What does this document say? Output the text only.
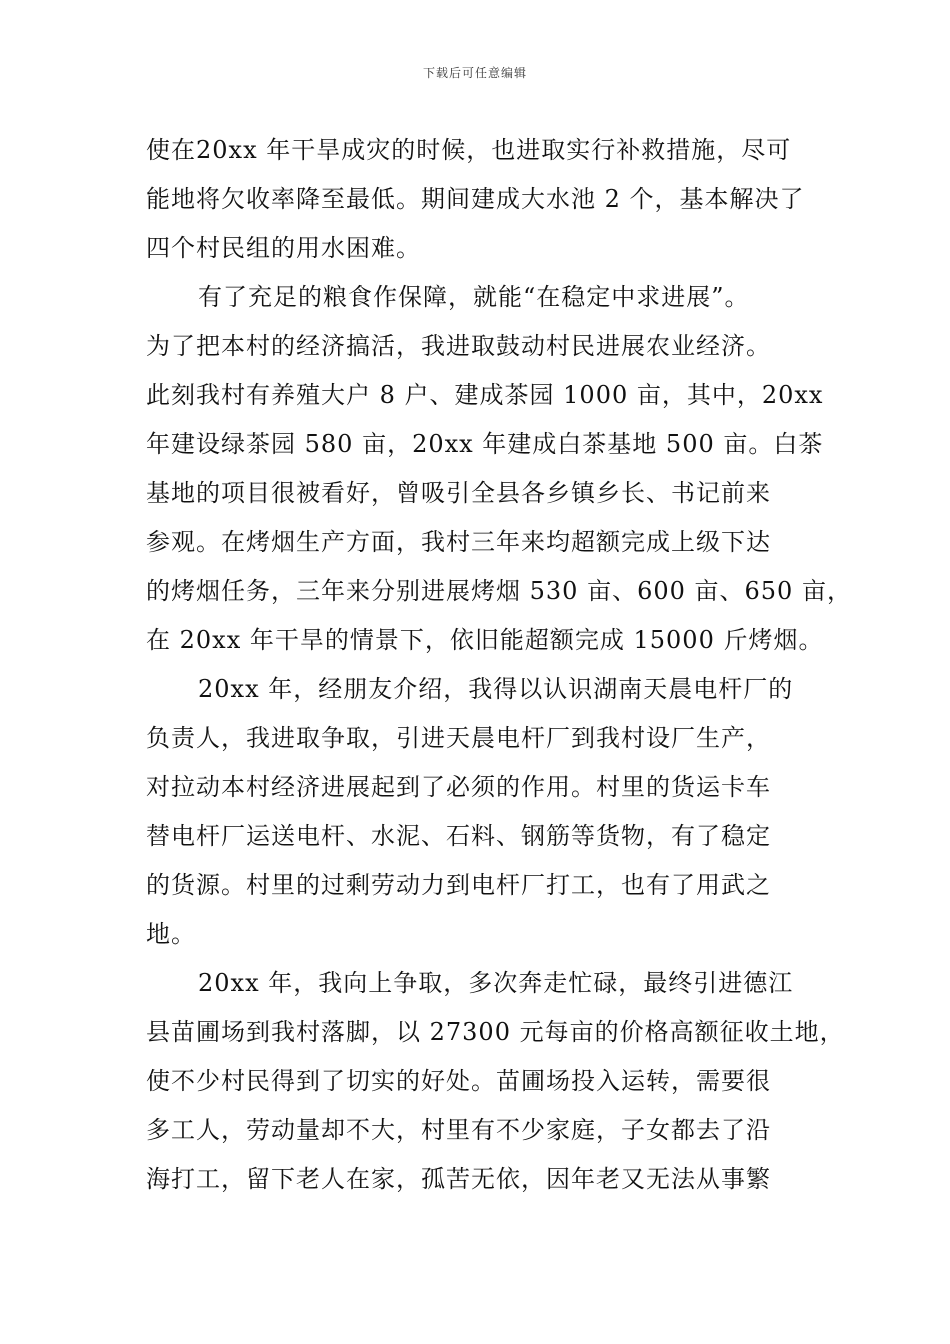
下载后可任意编辑
使在20xx 年干旱成灾的时候，也进取实行补救措施，尽可
能地将欠收率降至最低。期间建成大水池 2 个，基本解决了
四个村民组的用水困难。
有了充足的粮食作保障，就能“在稳定中求进展”。
为了把本村的经济搞活，我进取鼓动村民进展农业经济。
此刻我村有养殖大户 8 户、建成茶园 1000 亩，其中，20xx
年建设绿茶园 580 亩，20xx 年建成白茶基地 500 亩。白茶
基地的项目很被看好，曾吸引全县各乡镇乡长、书记前来
参观。在烤烟生产方面，我村三年来均超额完成上级下达
的烤烟任务，三年来分别进展烤烟 530 亩、600 亩、650 亩，
在 20xx 年干旱的情景下，依旧能超额完成 15000 斤烤烟。
20xx 年，经朋友介绍，我得以认识湖南天晨电杆厂的
负责人，我进取争取，引进天晨电杆厂到我村设厂生产，
对拉动本村经济进展起到了必须的作用。村里的货运卡车
替电杆厂运送电杆、水泥、石料、钢筋等货物，有了稳定
的货源。村里的过剩劳动力到电杆厂打工，也有了用武之
地。
20xx 年，我向上争取，多次奔走忙碌，最终引进德江
县苗圃场到我村落脚，以 27300 元每亩的价格高额征收土地，
使不少村民得到了切实的好处。苗圃场投入运转，需要很
多工人，劳动量却不大，村里有不少家庭，子女都去了沿
海打工，留下老人在家，孤苦无依，因年老又无法从事繁
